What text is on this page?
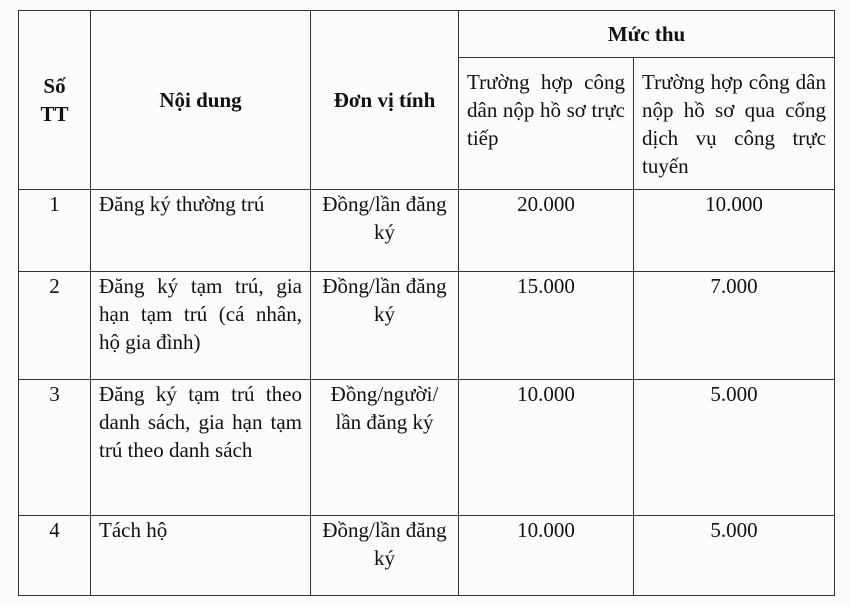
Số TT	Nội dung	Đơn vị tính	Mức thu	
			Trường hợp công dân nộp hồ sơ trực tiếp	Trường hợp công dân nộp hồ sơ qua cổng dịch vụ công trực tuyến
1	Đăng ký thường trú	Đồng/lần đăng ký	20.000	10.000
2	Đăng ký tạm trú, gia hạn tạm trú (cá nhân, hộ gia đình)	Đồng/lần đăng ký	15.000	7.000
3	Đăng ký tạm trú theo danh sách, gia hạn tạm trú theo danh sách	Đồng/người/ lần đăng ký	10.000	5.000
4	Tách hộ	Đồng/lần đăng ký	10.000	5.000
